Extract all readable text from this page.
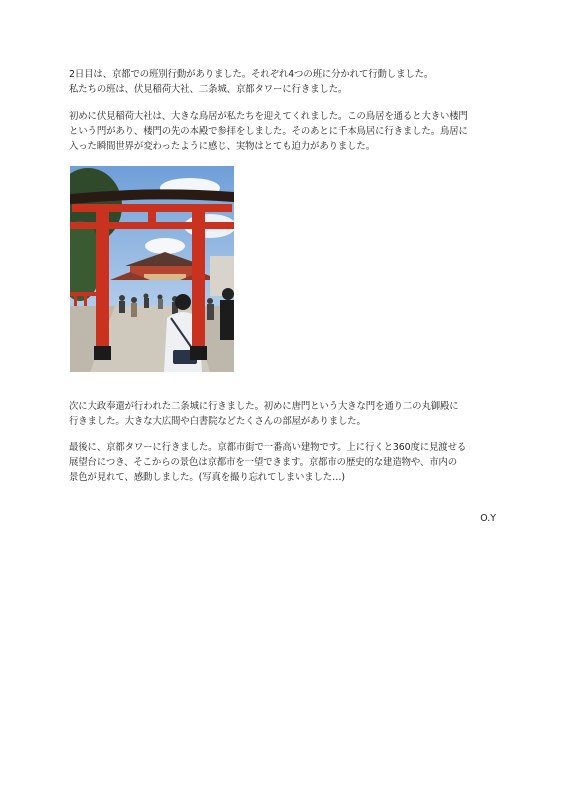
2日目は、京都での班別行動がありました。それぞれ4つの班に分かれて行動しました。
私たちの班は、伏見稲荷大社、二条城、京都タワーに行きました。
初めに伏見稲荷大社は、大きな鳥居が私たちを迎えてくれました。この鳥居を通ると大きい楼門
という門があり、楼門の先の本殿で参拝をしました。そのあとに千本鳥居に行きました。鳥居に
入った瞬間世界が変わったように感じ、実物はとても迫力がありました。
次に大政奉還が行われた二条城に行きました。初めに唐門という大きな門を通り二の丸御殿に
行きました。大きな大広間や白書院などたくさんの部屋がありました。
最後に、京都タワーに行きました。京都市街で一番高い建物です。上に行くと360度に見渡せる
展望台につき、そこからの景色は京都市を一望できます。京都市の歴史的な建造物や、市内の
景色が見れて、感動しました。(写真を撮り忘れてしまいました…)
O.Y
